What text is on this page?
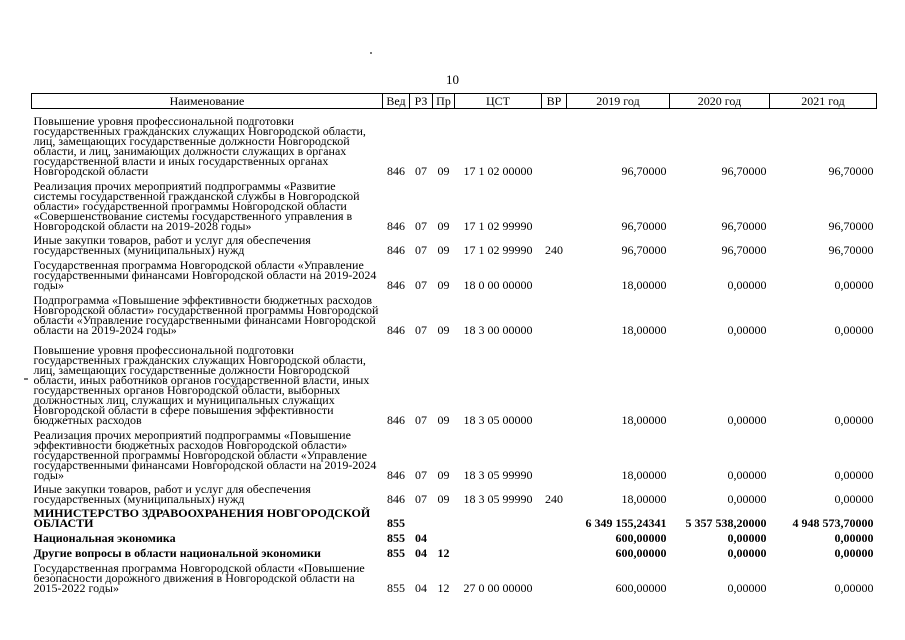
10
Наименование	Вед	РЗ	Пр	ЦСТ	ВР	2019 год	2020 год	2021 год
Повышение уровня профессиональной подготовки государственных гражданских служащих Новгородской области, лиц, замещающих государственные должности Новгородской области, и лиц, занимающих должности служащих в органах государственной власти и иных государственных органах Новгородской области	846	07	09	17 1 02 00000		96,70000	96,70000	96,70000
Реализация прочих мероприятий подпрограммы «Развитие системы государственной гражданской службы в Новгородской области» государственной программы Новгородской области «Совершенствование системы государственного управления в Новгородской области на 2019-2028 годы»	846	07	09	17 1 02 99990		96,70000	96,70000	96,70000
Иные закупки товаров, работ и услуг для обеспечения государственных (муниципальных) нужд	846	07	09	17 1 02 99990	240	96,70000	96,70000	96,70000
Государственная программа Новгородской области «Управление государственными финансами Новгородской области на 2019-2024 годы»	846	07	09	18 0 00 00000		18,00000	0,00000	0,00000
Подпрограмма «Повышение эффективности бюджетных расходов Новгородской области» государственной программы Новгородской области «Управление государственными финансами Новгородской области на 2019-2024 годы»	846	07	09	18 3 00 00000		18,00000	0,00000	0,00000
Повышение уровня профессиональной подготовки государственных гражданских служащих Новгородской области, лиц, замещающих государственные должности Новгородской области, иных работников органов государственной власти, иных государственных органов Новгородской области, выборных должностных лиц, служащих и муниципальных служащих Новгородской области в сфере повышения эффективности бюджетных расходов	846	07	09	18 3 05 00000		18,00000	0,00000	0,00000
Реализация прочих мероприятий подпрограммы «Повышение эффективности бюджетных расходов Новгородской области» государственной программы Новгородской области «Управление государственными финансами Новгородской области на 2019-2024 годы»	846	07	09	18 3 05 99990		18,00000	0,00000	0,00000
Иные закупки товаров, работ и услуг для обеспечения государственных (муниципальных) нужд	846	07	09	18 3 05 99990	240	18,00000	0,00000	0,00000
МИНИСТЕРСТВО ЗДРАВООХРАНЕНИЯ НОВГОРОДСКОЙ ОБЛАСТИ	855					6 349 155,24341	5 357 538,20000	4 948 573,70000
Национальная экономика	855	04				600,00000	0,00000	0,00000
Другие вопросы в области национальной экономики	855	04	12			600,00000	0,00000	0,00000
Государственная программа Новгородской области «Повышение безопасности дорожного движения в Новгородской области на 2015-2022 годы»	855	04	12	27 0 00 00000		600,00000	0,00000	0,00000
